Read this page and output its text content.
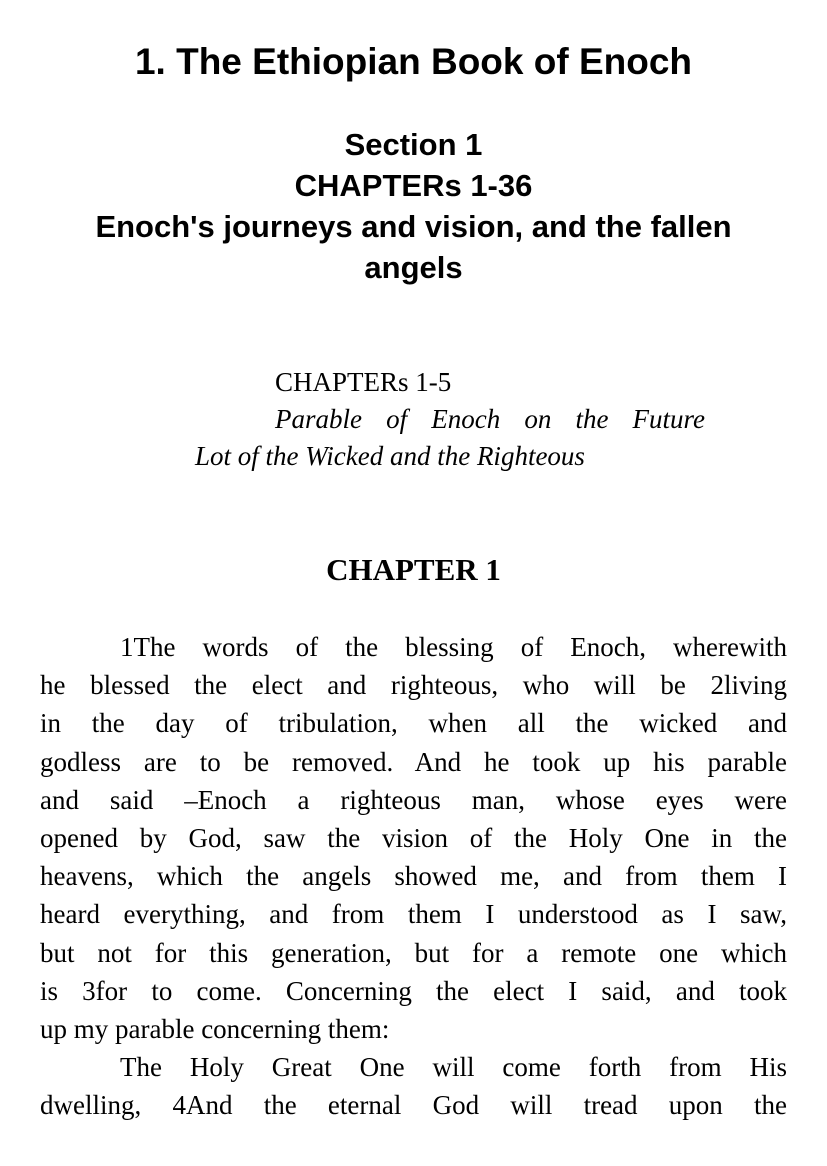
1. The Ethiopian Book of Enoch
Section 1
CHAPTERs 1-36
Enoch's journeys and vision, and the fallen
angels
CHAPTERs 1-5
Parable of Enoch on the Future
Lot of the Wicked and the Righteous
CHAPTER 1
1The words of the blessing of Enoch, wherewith
he blessed the elect and righteous, who will be 2living
in the day of tribulation, when all the wicked and
godless are to be removed. And he took up his parable
and said –Enoch a righteous man, whose eyes were
opened by God, saw the vision of the Holy One in the
heavens, which the angels showed me, and from them I
heard everything, and from them I understood as I saw,
but not for this generation, but for a remote one which
is 3for to come. Concerning the elect I said, and took
up my parable concerning them:
The Holy Great One will come forth from His
dwelling, 4And the eternal God will tread upon the
